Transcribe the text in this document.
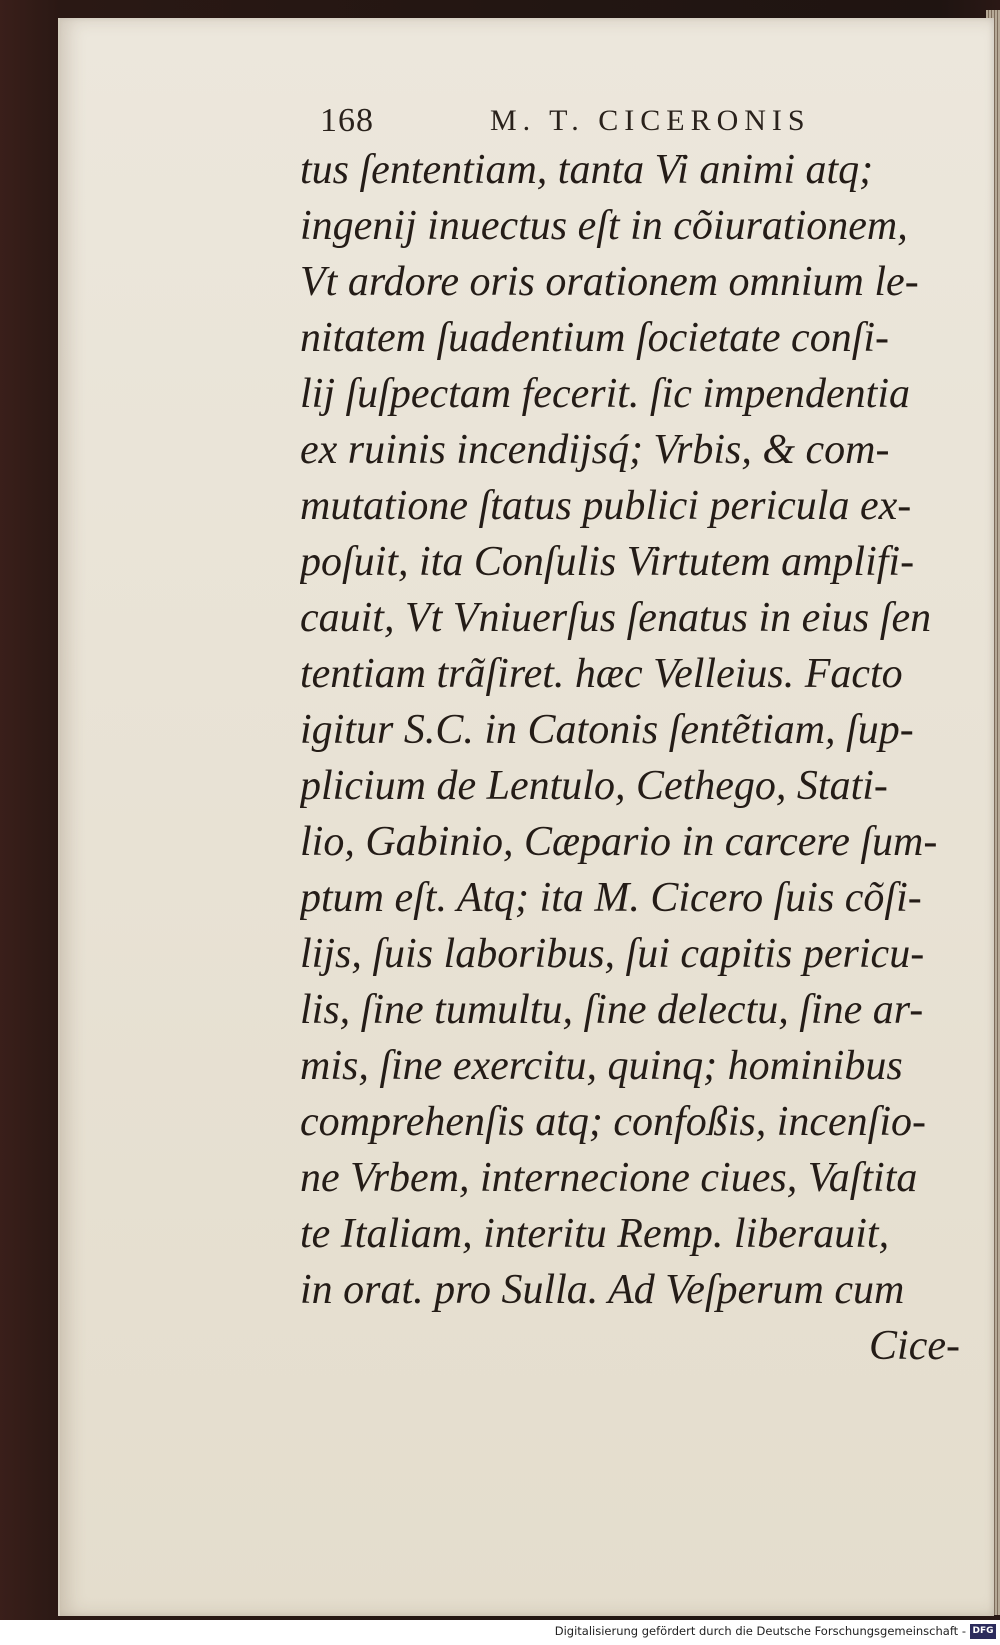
168	M. T. CICERONIS
tus ſententiam, tanta Vi animi atq;
ingenij inuectus eſt in cõiurationem,
Vt ardore oris orationem omnium le-
nitatem ſuadentium ſocietate conſi-
lij ſuſpectam fecerit. ſic impendentia
ex ruinis incendijsq́; Vrbis, & com-
mutatione ſtatus publici pericula ex-
poſuit, ita Conſulis Virtutem amplifi-
cauit, Vt Vniuerſus ſenatus in eius ſen
tentiam trãſiret. hæc Velleius. Facto
igitur S.C. in Catonis ſentẽtiam, ſup-
plicium de Lentulo, Cethego, Stati-
lio, Gabinio, Cæpario in carcere ſum-
ptum eſt. Atq; ita M. Cicero ſuis cõſi-
lijs, ſuis laboribus, ſui capitis pericu-
lis, ſine tumultu, ſine delectu, ſine ar-
mis, ſine exercitu, quinq; hominibus
comprehenſis atq; confoßis, incenſio-
ne Vrbem, internecione ciues, Vaſtita
te Italiam, interitu Remp. liberauit,
in orat. pro Sulla. Ad Veſperum cum
Cice-
Digitalisierung gefördert durch die Deutsche Forschungsgemeinschaft - DFG
